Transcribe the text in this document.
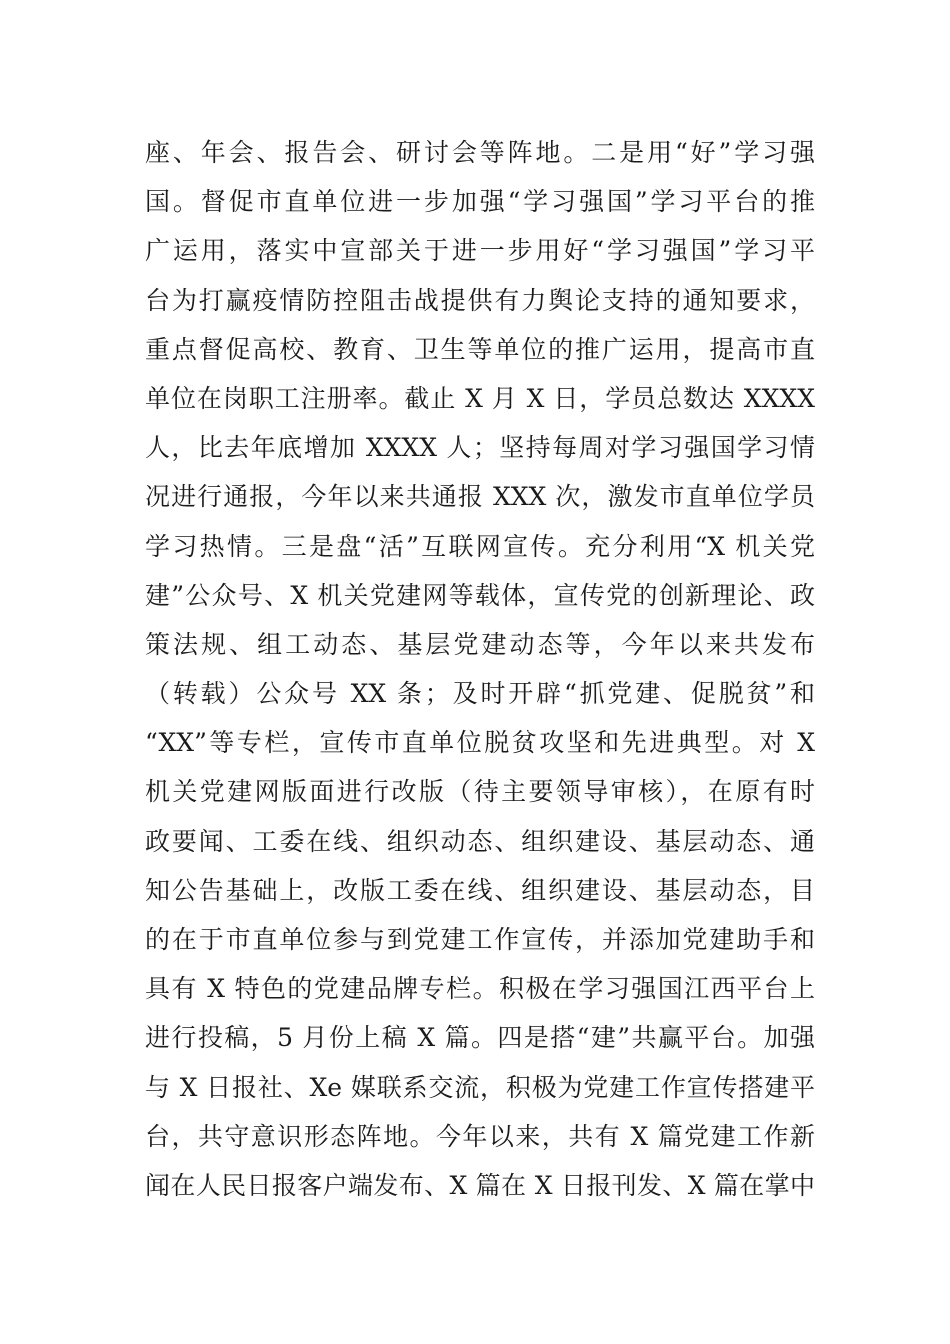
座、年会、报告会、研讨会等阵地。二是用“好”学习强
国。督促市直单位进一步加强“学习强国”学习平台的推
广运用，落实中宣部关于进一步用好“学习强国”学习平
台为打赢疫情防控阻击战提供有力舆论支持的通知要求，
重点督促高校、教育、卫生等单位的推广运用，提高市直
单位在岗职工注册率。截止 X 月 X 日，学员总数达 XXXX
人，比去年底增加 XXXX 人；坚持每周对学习强国学习情
况进行通报，今年以来共通报 XXX 次，激发市直单位学员
学习热情。三是盘“活”互联网宣传。充分利用“X 机关党
建”公众号、X 机关党建网等载体，宣传党的创新理论、政
策法规、组工动态、基层党建动态等，今年以来共发布
（转载）公众号 XX 条；及时开辟“抓党建、促脱贫”和
“XX”等专栏，宣传市直单位脱贫攻坚和先进典型。对 X
机关党建网版面进行改版（待主要领导审核），在原有时
政要闻、工委在线、组织动态、组织建设、基层动态、通
知公告基础上，改版工委在线、组织建设、基层动态，目
的在于市直单位参与到党建工作宣传，并添加党建助手和
具有 X 特色的党建品牌专栏。积极在学习强国江西平台上
进行投稿，5 月份上稿 X 篇。四是搭“建”共赢平台。加强
与 X 日报社、Xe 媒联系交流，积极为党建工作宣传搭建平
台，共守意识形态阵地。今年以来，共有 X 篇党建工作新
闻在人民日报客户端发布、X 篇在 X 日报刊发、X 篇在掌中
